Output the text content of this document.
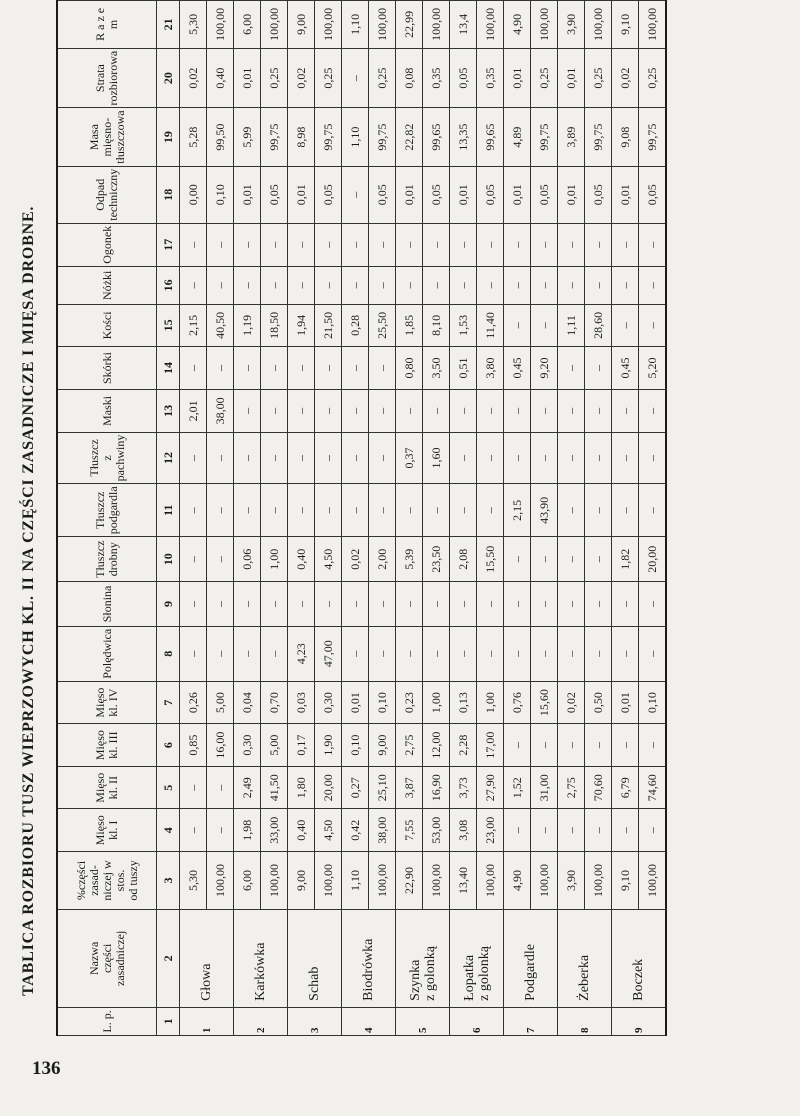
136
TABLICA ROZBIORU TUSZ WIEPRZOWYCH KL. II NA CZĘŚCI ZASADNICZE I MIĘSA DROBNE.
L. p.	Nazwa
części
zasadniczej	%części zasad-
niczej w stos.
od tuszy	Mięso
kl. I	Mięso
kl. II	Mięso
kl. III	Mięso
kl. IV	Polędwica	Słonina	Tłuszcz
drobny	Tłuszcz
podgardla	Tłuszcz
z pachwiny	Maski	Skórki	Kości	Nóżki	Ogonek	Odpad
techniczny	Masa
mięsno-
tłuszczowa	Strata
rozbiorowa	R a z e m
1	2	3	4	5	6	7	8	9	10	11	12	13	14	15	16	17	18	19	20	21
1	Głowa	5,30	–	–	0,85	0,26	–	–	–	–	–	2,01	–	2,15	–	–	0,00	5,28	0,02	5,30
		100,00	–	–	16,00	5,00	–	–	–	–	–	38,00	–	40,50	–	–	0,10	99,50	0,40	100,00
2	Karkówka	6,00	1,98	2,49	0,30	0,04	–	–	0,06	–	–	–	–	1,19	–	–	0,01	5,99	0,01	6,00
		100,00	33,00	41,50	5,00	0,70	–	–	1,00	–	–	–	–	18,50	–	–	0,05	99,75	0,25	100,00
3	Schab	9,00	0,40	1,80	0,17	0,03	4,23	–	0,40	–	–	–	–	1,94	–	–	0,01	8,98	0,02	9,00
		100,00	4,50	20,00	1,90	0,30	47,00	–	4,50	–	–	–	–	21,50	–	–	0,05	99,75	0,25	100,00
4	Biodrówka	1,10	0,42	0,27	0,10	0,01	–	–	0,02	–	–	–	–	0,28	–	–	–	1,10	–	1,10
		100,00	38,00	25,10	9,00	0,10	–	–	2,00	–	–	–	–	25,50	–	–	0,05	99,75	0,25	100,00
5	Szynka
z golonką	22,90	7,55	3,87	2,75	0,23	–	–	5,39	–	0,37	–	0,80	1,85	–	–	0,01	22,82	0,08	22,99
		100,00	53,00	16,90	12,00	1,00	–	–	23,50	–	1,60	–	3,50	8,10	–	–	0,05	99,65	0,35	100,00
6	Łopatka
z golonką	13,40	3,08	3,73	2,28	0,13	–	–	2,08	–	–	–	0,51	1,53	–	–	0,01	13,35	0,05	13,4
		100,00	23,00	27,90	17,00	1,00	–	–	15,50	–	–	–	3,80	11,40	–	–	0,05	99,65	0,35	100,00
7	Podgardle	4,90	–	1,52	–	0,76	–	–	–	2,15	–	–	0,45	–	–	–	0,01	4,89	0,01	4,90
		100,00	–	31,00	–	15,60	–	–	–	43,90	–	–	9,20	–	–	–	0,05	99,75	0,25	100,00
8	Żeberka	3,90	–	2,75	–	0,02	–	–	–	–	–	–	–	1,11	–	–	0,01	3,89	0,01	3,90
		100,00	–	70,60	–	0,50	–	–	–	–	–	–	–	28,60	–	–	0,05	99,75	0,25	100,00
9	Boczek	9,10	–	6,79	–	0,01	–	–	1,82	–	–	–	0,45	–	–	–	0,01	9,08	0,02	9,10
		100,00	–	74,60	–	0,10	–	–	20,00	–	–	–	5,20	–	–	–	0,05	99,75	0,25	100,00
